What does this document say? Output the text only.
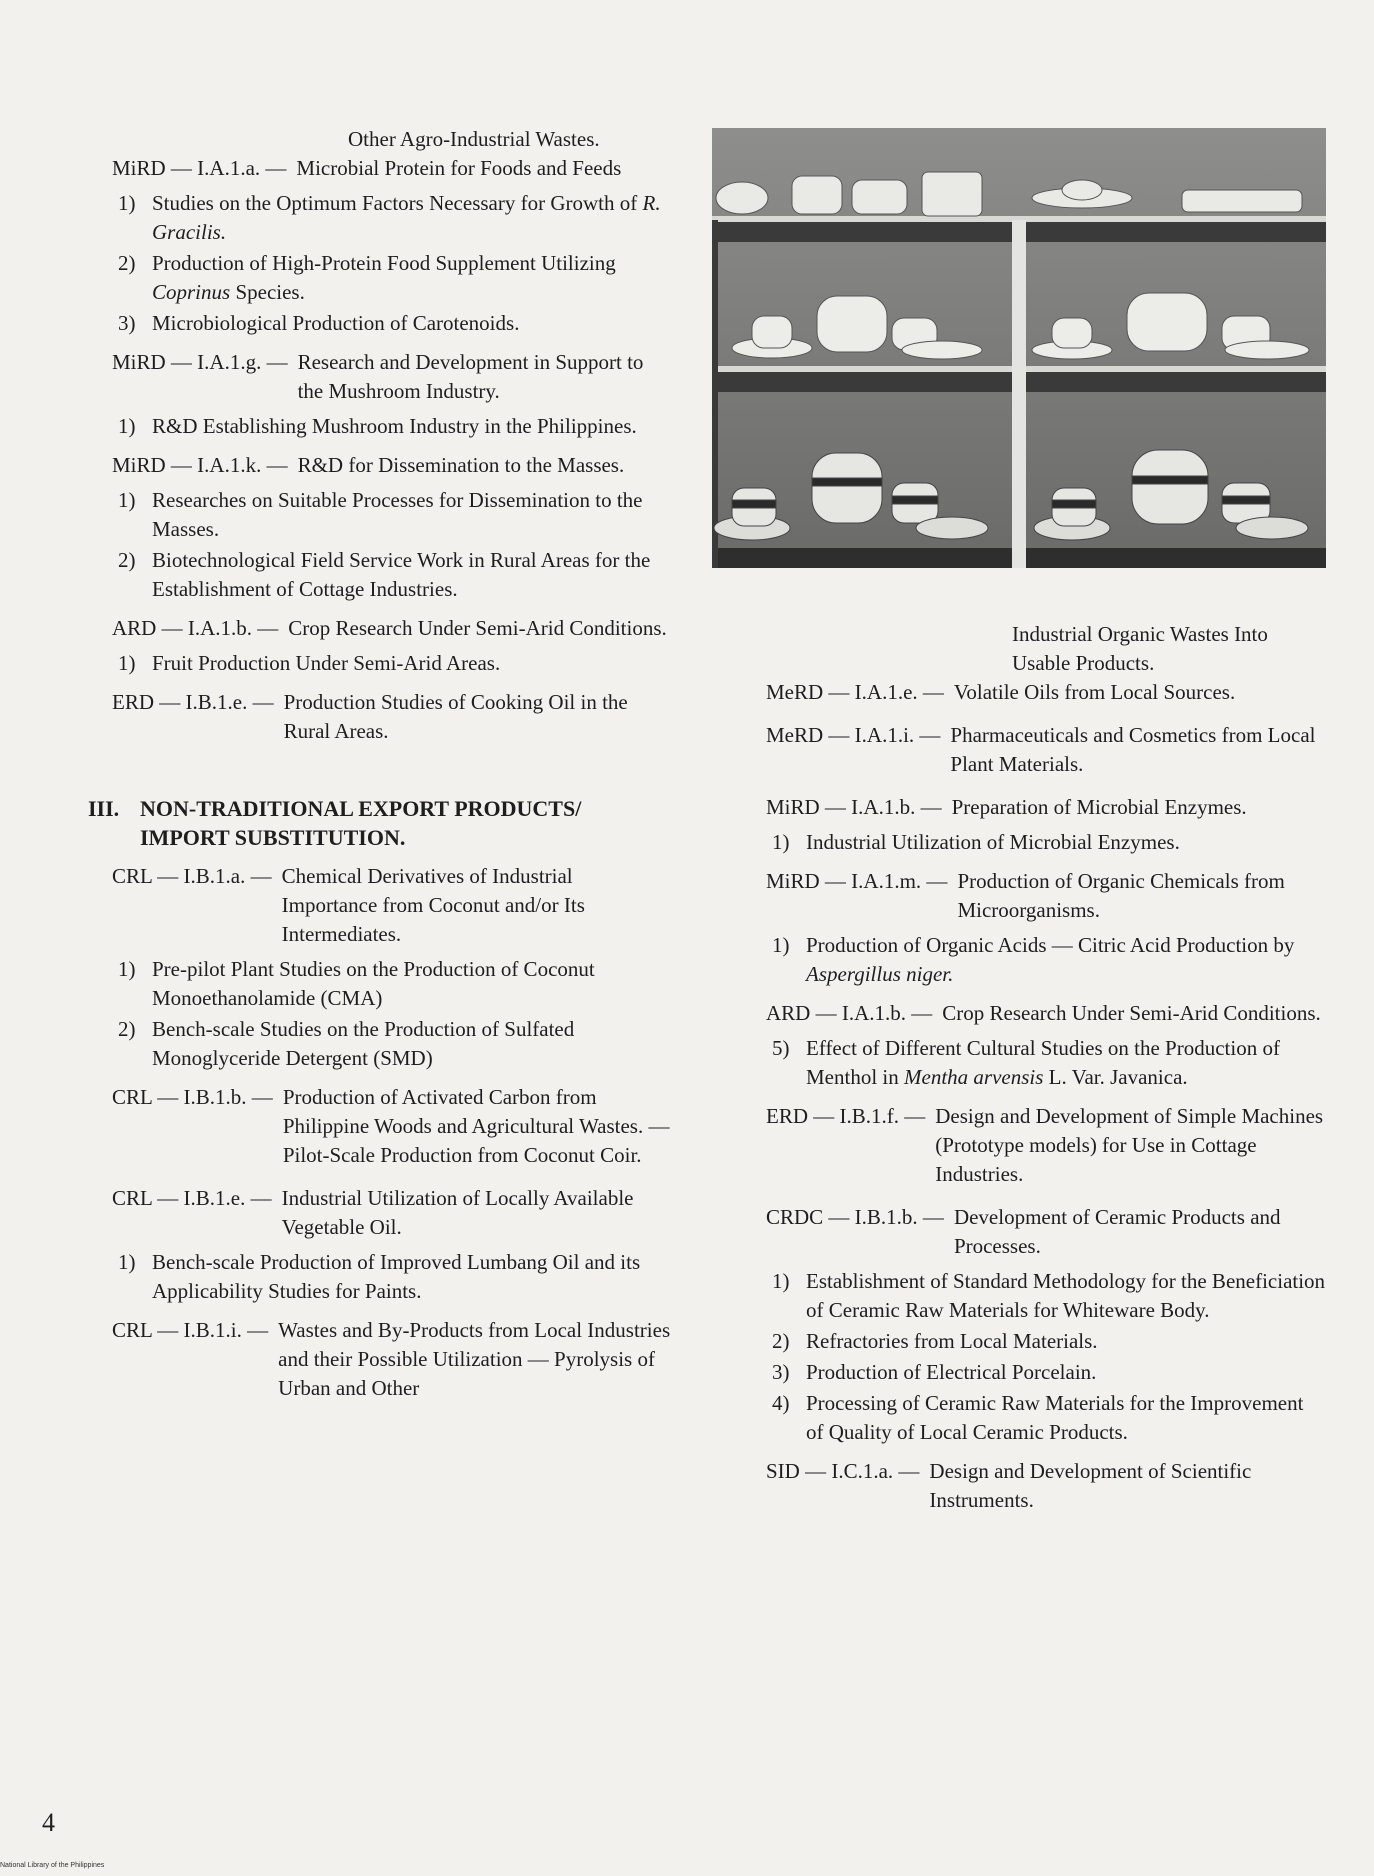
Other Agro-Industrial Wastes.
MiRD — I.A.1.a. — Microbial Protein for Foods and Feeds
1) Studies on the Optimum Factors Necessary for Growth of R. Gracilis.
2) Production of High-Protein Food Supplement Utilizing Coprinus Species.
3) Microbiological Production of Carotenoids.
MiRD — I.A.1.g. — Research and Development in Support to the Mushroom Industry.
1) R&D Establishing Mushroom Industry in the Philippines.
MiRD — I.A.1.k. — R&D for Dissemination to the Masses.
1) Researches on Suitable Processes for Dissemination to the Masses.
2) Biotechnological Field Service Work in Rural Areas for the Establishment of Cottage Industries.
ARD — I.A.1.b. — Crop Research Under Semi-Arid Conditions.
1) Fruit Production Under Semi-Arid Areas.
ERD — I.B.1.e. — Production Studies of Cooking Oil in the Rural Areas.
III. NON-TRADITIONAL EXPORT PRODUCTS/ IMPORT SUBSTITUTION.
CRL — I.B.1.a. — Chemical Derivatives of Industrial Importance from Coconut and/or Its Intermediates.
1) Pre-pilot Plant Studies on the Production of Coconut Monoethanolamide (CMA)
2) Bench-scale Studies on the Production of Sulfated Monoglyceride Detergent (SMD)
CRL — I.B.1.b. — Production of Activated Carbon from Philippine Woods and Agricultural Wastes. — Pilot-Scale Production from Coconut Coir.
CRL — I.B.1.e. — Industrial Utilization of Locally Available Vegetable Oil.
1) Bench-scale Production of Improved Lumbang Oil and its Applicability Studies for Paints.
CRL — I.B.1.i. — Wastes and By-Products from Local Industries and their Possible Utilization — Pyrolysis of Urban and Other
Industrial Organic Wastes Into Usable Products.
MeRD — I.A.1.e. — Volatile Oils from Local Sources.
MeRD — I.A.1.i. — Pharmaceuticals and Cosmetics from Local Plant Materials.
MiRD — I.A.1.b. — Preparation of Microbial Enzymes.
1) Industrial Utilization of Microbial Enzymes.
MiRD — I.A.1.m. — Production of Organic Chemicals from Microorganisms.
1) Production of Organic Acids — Citric Acid Production by Aspergillus niger.
ARD — I.A.1.b. — Crop Research Under Semi-Arid Conditions.
5) Effect of Different Cultural Studies on the Production of Menthol in Mentha arvensis L. Var. Javanica.
ERD — I.B.1.f. — Design and Development of Simple Machines (Prototype models) for Use in Cottage Industries.
CRDC — I.B.1.b. — Development of Ceramic Products and Processes.
1) Establishment of Standard Methodology for the Beneficiation of Ceramic Raw Materials for Whiteware Body.
2) Refractories from Local Materials.
3) Production of Electrical Porcelain.
4) Processing of Ceramic Raw Materials for the Improvement of Quality of Local Ceramic Products.
SID — I.C.1.a. — Design and Development of Scientific Instruments.
4
National Library of the Philippines
